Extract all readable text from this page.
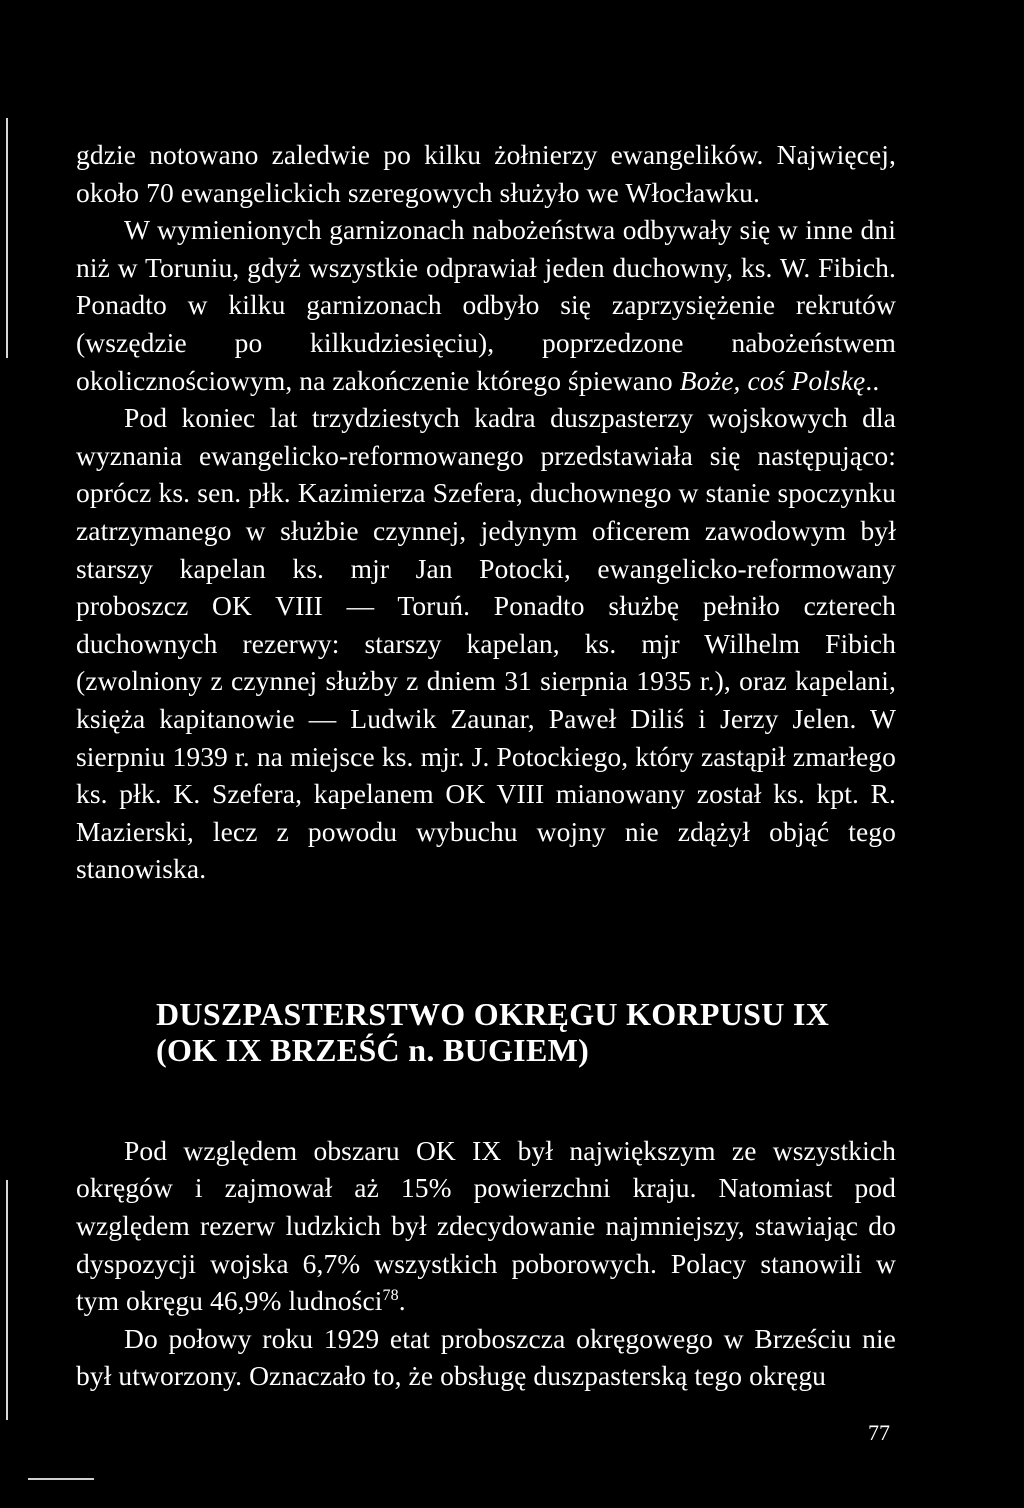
gdzie notowano zaledwie po kilku żołnierzy ewangelików. Najwięcej, około 70 ewangelickich szeregowych służyło we Włocławku.

W wymienionych garnizonach nabożeństwa odbywały się w inne dni niż w Toruniu, gdyż wszystkie odprawiał jeden duchowny, ks. W. Fibich. Ponadto w kilku garnizonach odbyło się zaprzysiężenie rekrutów (wszędzie po kilkudziesięciu), poprzedzone nabożeństwem okolicznościowym, na zakończenie którego śpiewano Boże, coś Polskę..

Pod koniec lat trzydziestych kadra duszpasterzy wojskowych dla wyznania ewangelicko-reformowanego przedstawiała się następująco: oprócz ks. sen. płk. Kazimierza Szefera, duchownego w stanie spoczynku zatrzymanego w służbie czynnej, jedynym oficerem zawodowym był starszy kapelan ks. mjr Jan Potocki, ewangelicko-reformowany proboszcz OK VIII — Toruń. Ponadto służbę pełniło czterech duchownych rezerwy: starszy kapelan, ks. mjr Wilhelm Fibich (zwolniony z czynnej służby z dniem 31 sierpnia 1935 r.), oraz kapelani, księża kapitanowie — Ludwik Zaunar, Paweł Diliś i Jerzy Jelen. W sierpniu 1939 r. na miejsce ks. mjr. J. Potockiego, który zastąpił zmarłego ks. płk. K. Szefera, kapelanem OK VIII mianowany został ks. kpt. R. Mazierski, lecz z powodu wybuchu wojny nie zdążył objąć tego stanowiska.

DUSZPASTERSTWO OKRĘGU KORPUSU IX
(OK IX BRZEŚĆ n. BUGIEM)

Pod względem obszaru OK IX był największym ze wszystkich okręgów i zajmował aż 15% powierzchni kraju. Natomiast pod względem rezerw ludzkich był zdecydowanie najmniejszy, stawiając do dyspozycji wojska 6,7% wszystkich poborowych. Polacy stanowili w tym okręgu 46,9% ludności$^{78}$.

Do połowy roku 1929 etat proboszcza okręgowego w Brześciu nie był utworzony. Oznaczało to, że obsługę duszpasterską tego okręgu

77
